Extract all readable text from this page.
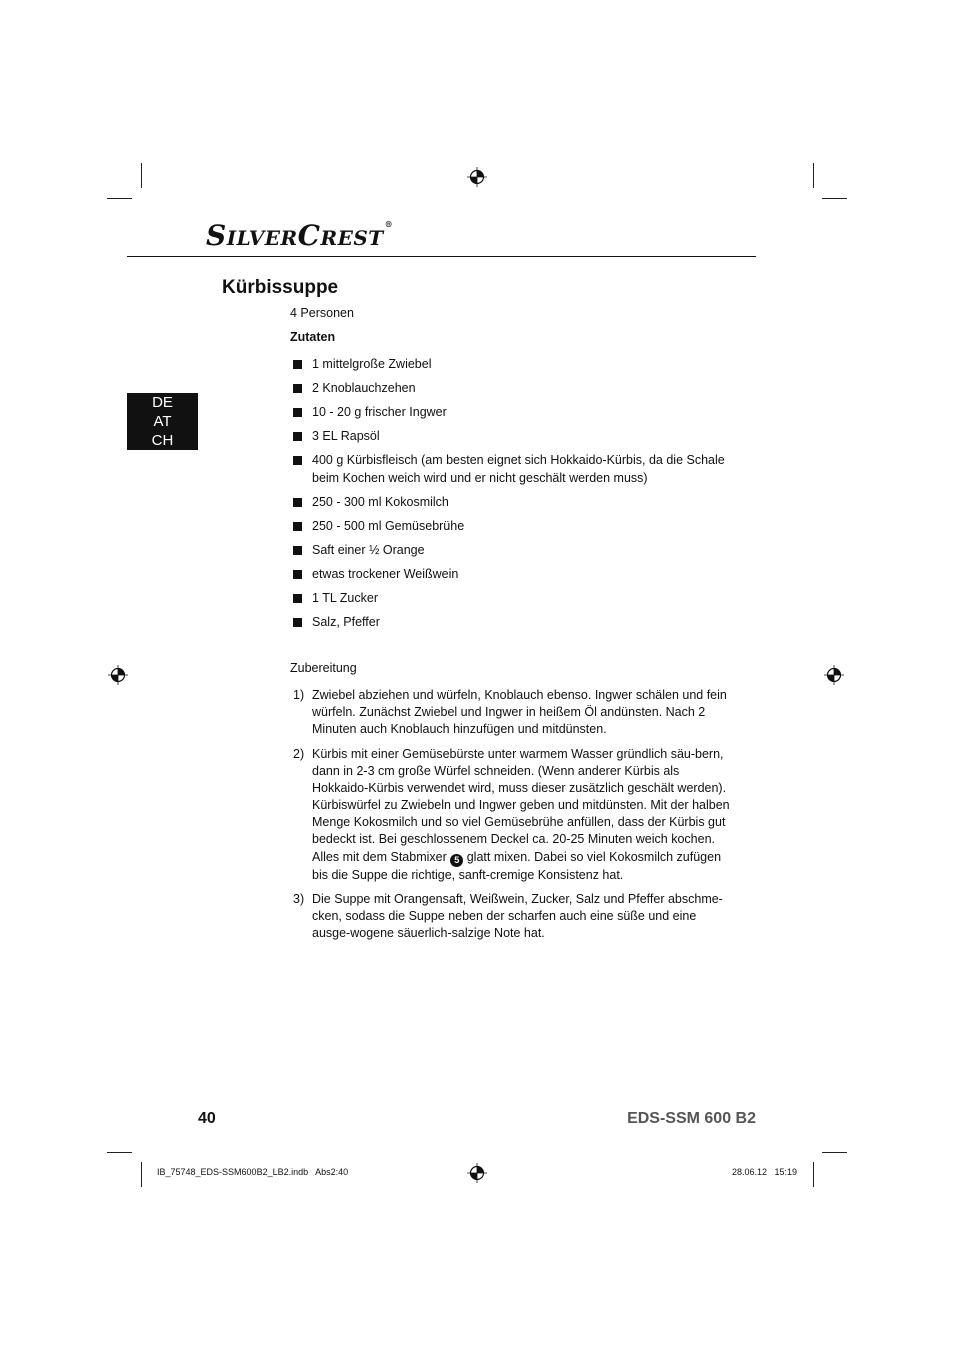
SILVERCREST®
Kürbissuppe
DE
AT
CH
4 Personen
Zutaten
1 mittelgroße Zwiebel
2 Knoblauchzehen
10 - 20 g frischer Ingwer
3 EL Rapsöl
400 g Kürbisfleisch (am besten eignet sich Hokkaido-Kürbis, da die Schale beim Kochen weich wird und er nicht geschält werden muss)
250 - 300 ml Kokosmilch
250 - 500 ml Gemüsebrühe
Saft einer ½ Orange
etwas trockener Weißwein
1 TL Zucker
Salz, Pfeffer
Zubereitung
1) Zwiebel abziehen und würfeln, Knoblauch ebenso. Ingwer schälen und fein würfeln. Zunächst Zwiebel und Ingwer in heißem Öl andünsten. Nach 2 Minuten auch Knoblauch hinzufügen und mitdünsten.
2) Kürbis mit einer Gemüsebürste unter warmem Wasser gründlich säu-bern, dann in 2-3 cm große Würfel schneiden. (Wenn anderer Kürbis als Hokkaido-Kürbis verwendet wird, muss dieser zusätzlich geschält werden). Kürbiswürfel zu Zwiebeln und Ingwer geben und mitdünsten. Mit der halben Menge Kokosmilch und so viel Gemüsebrühe anfüllen, dass der Kürbis gut bedeckt ist. Bei geschlossenem Deckel ca. 20-25 Minuten weich kochen. Alles mit dem Stabmixer 5 glatt mixen. Dabei so viel Kokosmilch zufügen bis die Suppe die richtige, sanft-cremige Konsistenz hat.
3) Die Suppe mit Orangensaft, Weißwein, Zucker, Salz und Pfeffer abschme-cken, sodass die Suppe neben der scharfen auch eine süße und eine ausge-wogene säuerlich-salzige Note hat.
40	EDS-SSM 600 B2
IB_75748_EDS-SSM600B2_LB2.indb   Abs2:40	28.06.12   15:19
